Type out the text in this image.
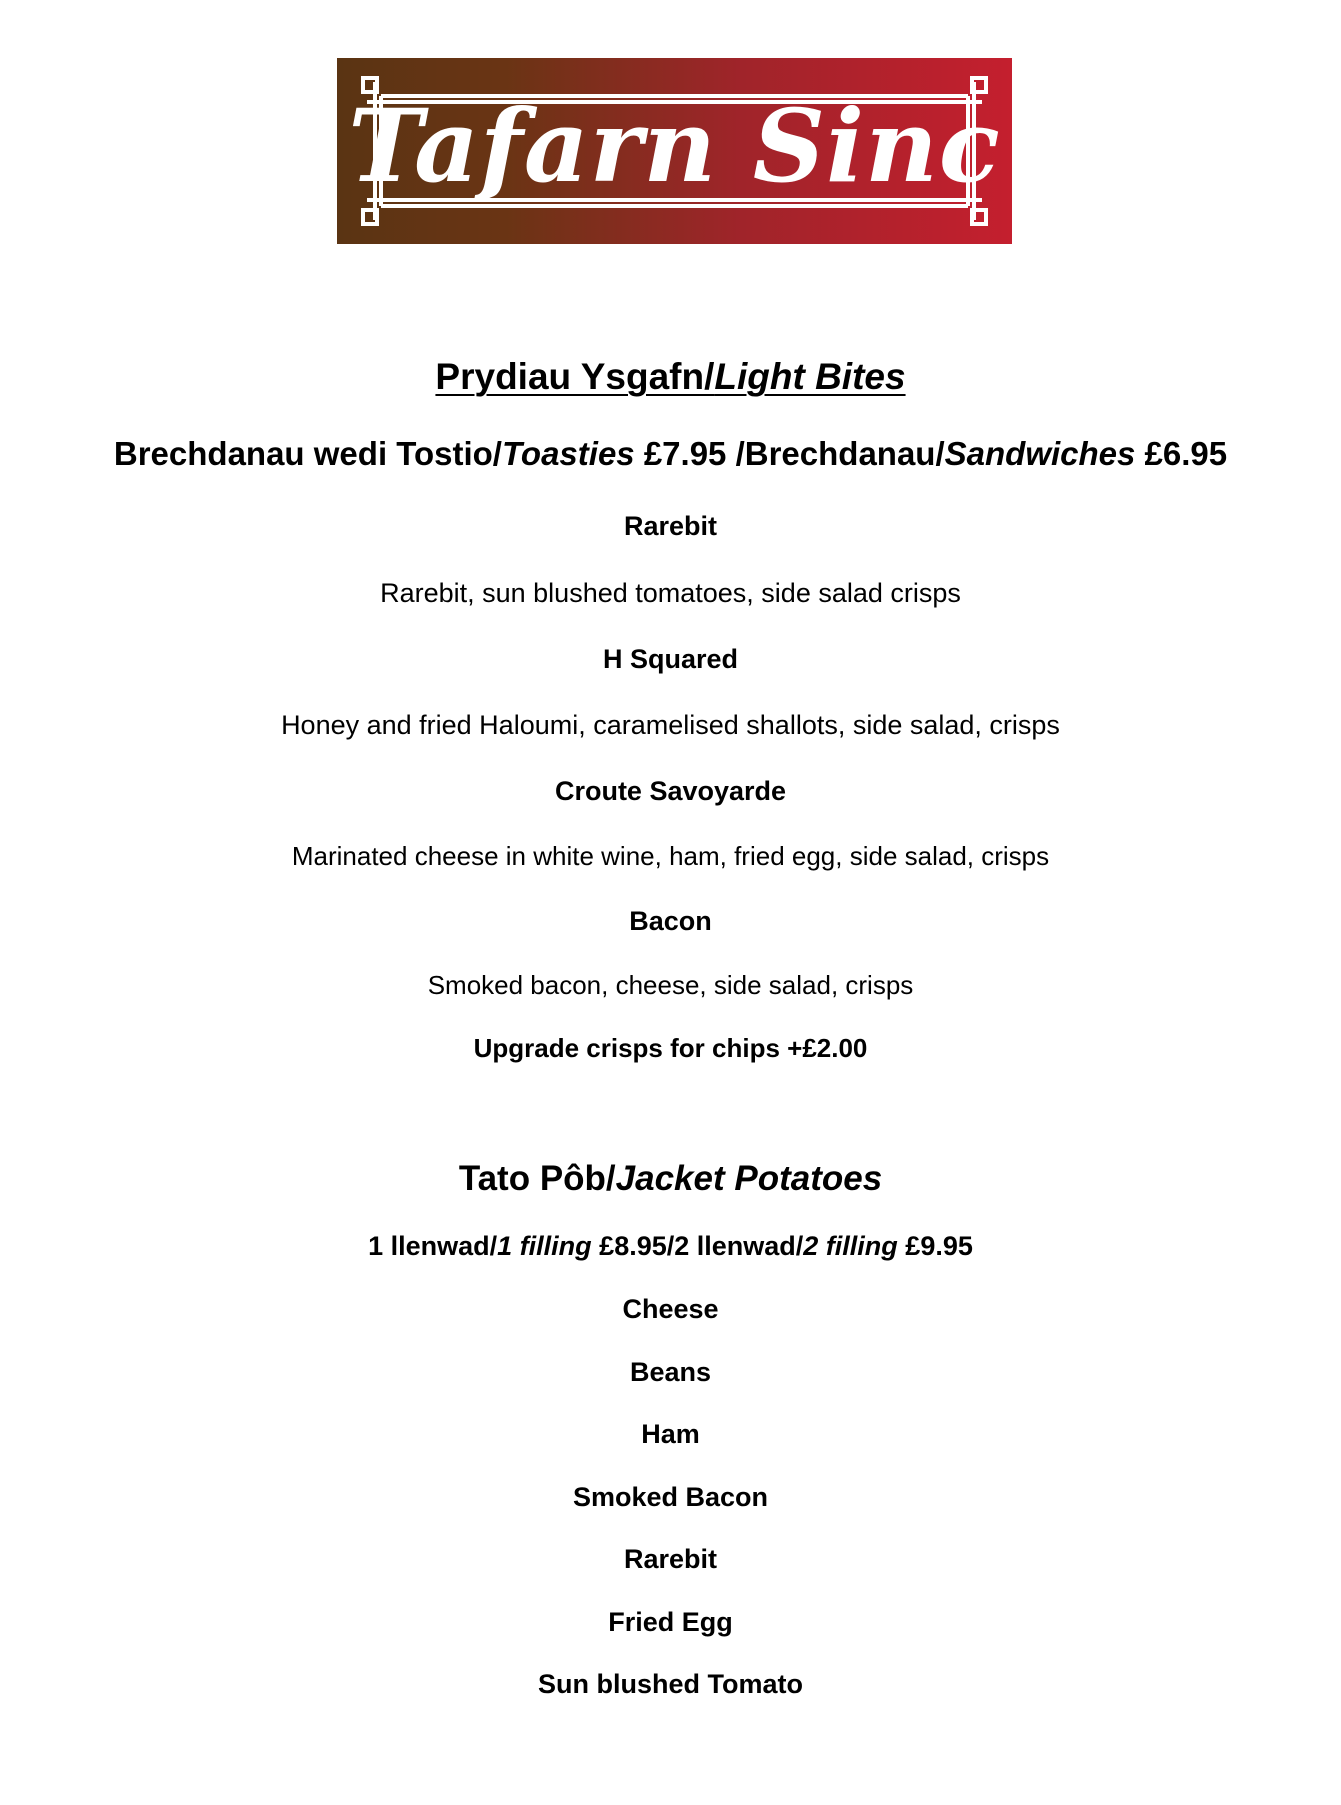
Tafarn Sinc
Prydiau Ysgafn/Light Bites
Brechdanau wedi Tostio/Toasties £7.95 /Brechdanau/Sandwiches £6.95
Rarebit
Rarebit, sun blushed tomatoes, side salad crisps
H Squared
Honey and fried Haloumi, caramelised shallots, side salad, crisps
Croute Savoyarde
Marinated cheese in white wine, ham, fried egg, side salad, crisps
Bacon
Smoked bacon, cheese, side salad, crisps
Upgrade crisps for chips +£2.00
Tato Pôb/Jacket Potatoes
1 llenwad/1 filling £8.95/2 llenwad/2 filling £9.95
Cheese
Beans
Ham
Smoked Bacon
Rarebit
Fried Egg
Sun blushed Tomato
